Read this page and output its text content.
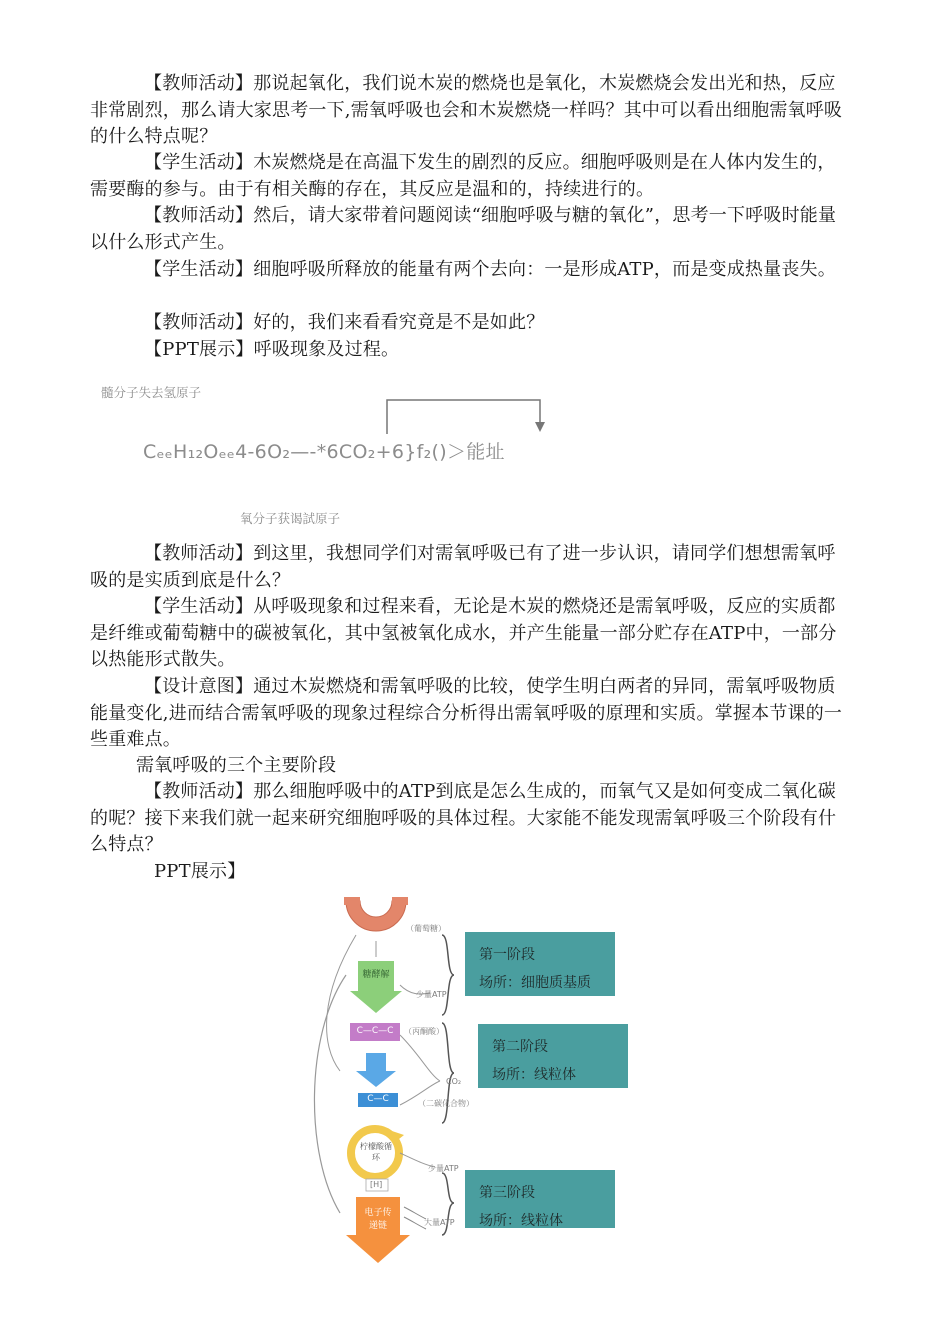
【教师活动】那说起氧化，我们说木炭的燃烧也是氧化，木炭燃烧会发出光和热，反应非常剧烈，那么请大家思考一下,需氧呼吸也会和木炭燃烧一样吗？其中可以看出细胞需氧呼吸的什么特点呢？

【学生活动】木炭燃烧是在高温下发生的剧烈的反应。细胞呼吸则是在人体内发生的，需要酶的参与。由于有相关酶的存在，其反应是温和的，持续进行的。

【教师活动】然后，请大家带着问题阅读“细胞呼吸与糖的氧化”，思考一下呼吸时能量以什么形式产生。

【学生活动】细胞呼吸所释放的能量有两个去向：一是形成ATP，而是变成热量丧失。

【教师活动】好的，我们来看看究竟是不是如此？

【PPT展示】呼吸现象及过程。

髓分子失去氢原子
CₑₑH₁₂Oₑₑ4-6O₂—-*6CO₂+6}f₂()＞能址
氧分子获谒試原子

【教师活动】到这里，我想同学们对需氧呼吸已有了进一步认识，请同学们想想需氧呼吸的是实质到底是什么？

【学生活动】从呼吸现象和过程来看，无论是木炭的燃烧还是需氧呼吸，反应的实质都是纤维或葡萄糖中的碳被氧化，其中氢被氧化成水，并产生能量一部分贮存在ATP中，一部分以热能形式散失。

【设计意图】通过木炭燃烧和需氧呼吸的比较，使学生明白两者的异同，需氧呼吸物质能量变化,进而结合需氧呼吸的现象过程综合分析得出需氧呼吸的原理和实质。掌握本节课的一些重难点。

需氧呼吸的三个主要阶段

【教师活动】那么细胞呼吸中的ATP到底是怎么生成的，而氧气又是如何变成二氧化碳的呢？接下来我们就一起来研究细胞呼吸的具体过程。大家能不能发现需氧呼吸三个阶段有什么特点？

PPT展示】

（葡萄糖）
糖酵解
少量ATP
C—C—C	（丙酮酸）
CO₂
C—C	（二碳化合物）
柠檬酸循环
少量ATP
[H]
电子传递链	大量ATP
第一阶段
场所：细胞质基质
第二阶段
场所：线粒体
第三阶段
场所：线粒体
